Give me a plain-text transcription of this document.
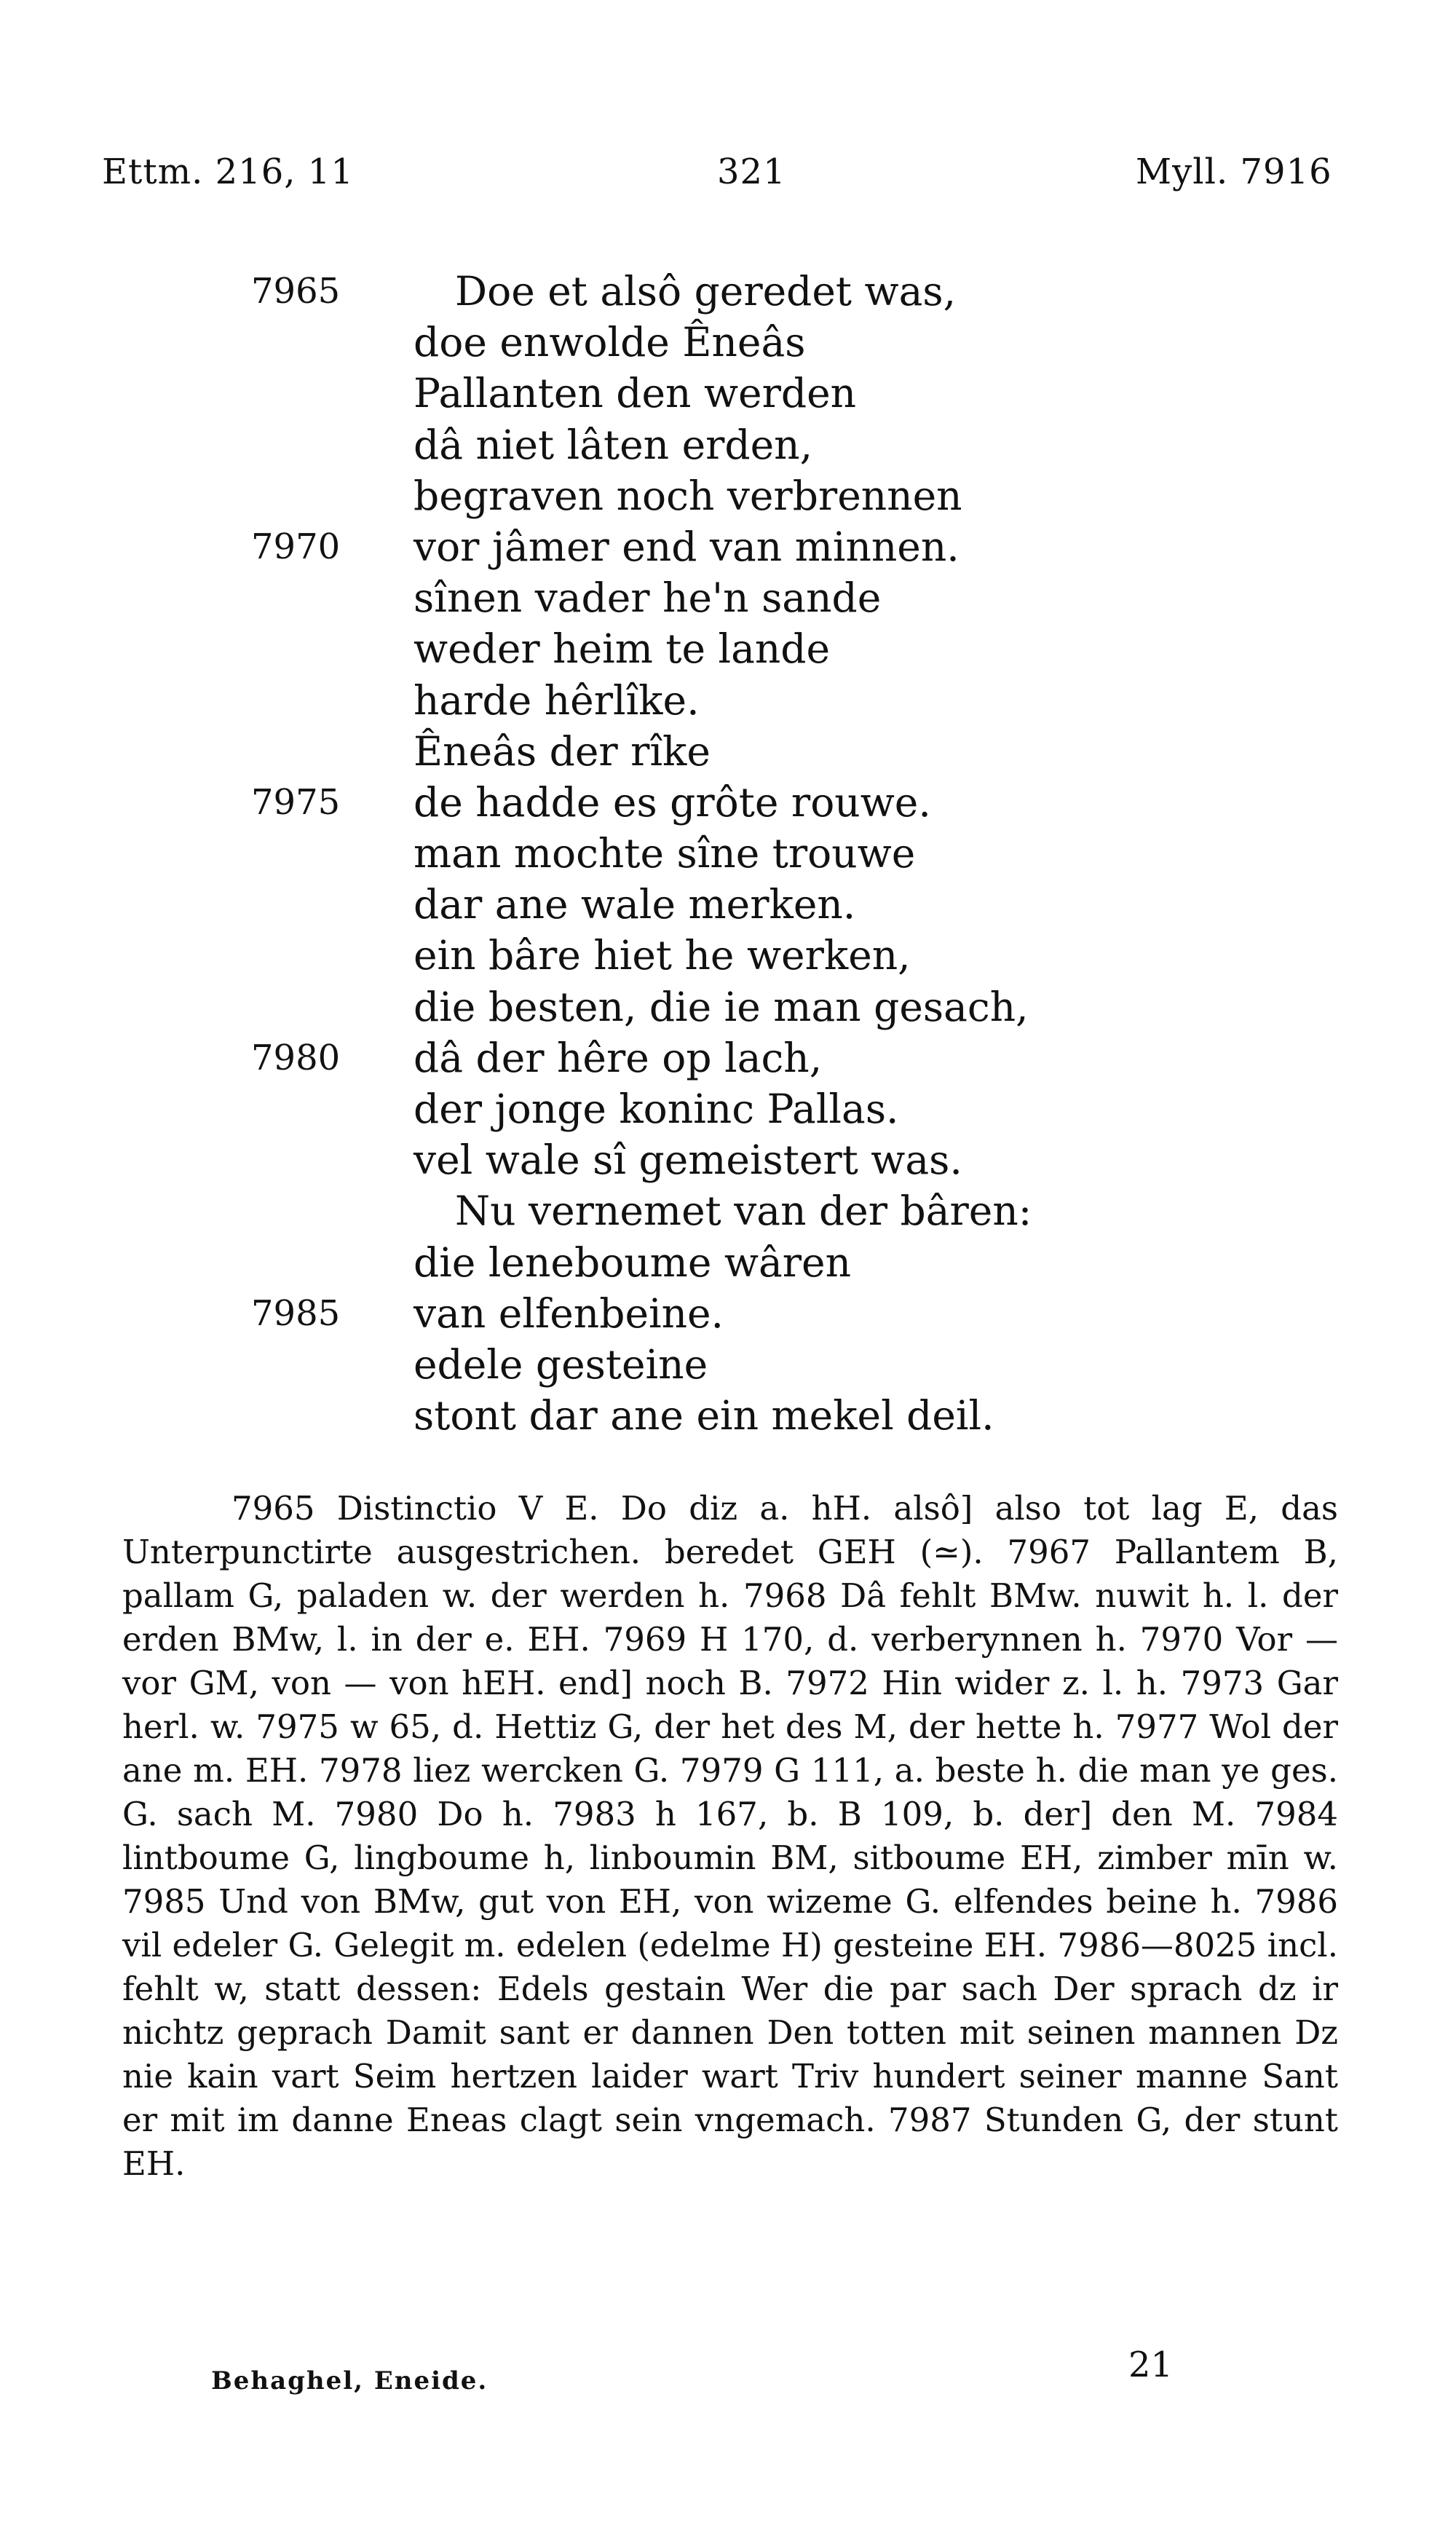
Ettm. 216, 11	321	Myll. 7916
7965	Doe et alsô geredet was,
doe enwolde Êneâs
Pallanten den werden
dâ niet lâten erden,
begraven noch verbrennen
7970	vor jâmer end van minnen.
sînen vader he'n sande
weder heim te lande
harde hêrlîke.
Êneâs der rîke
7975	de hadde es grôte rouwe.
man mochte sîne trouwe
dar ane wale merken.
ein bâre hiet he werken,
die besten, die ie man gesach,
7980	dâ der hêre op lach,
der jonge koninc Pallas.
vel wale sî gemeistert was.
Nu vernemet van der bâren:
die leneboume wâren
7985	van elfenbeine.
edele gesteine
stont dar ane ein mekel deil.

7965 Distinctio V E. Do diz a. hH. alsô] also tot lag E, das Unterpunctirte ausgestrichen. beredet GEH (≃). 7967 Pallantem B, pallam G, paladen w. der werden h. 7968 Dâ fehlt BMw. nuwit h. l. der erden BMw, l. in der e. EH. 7969 H 170, d. verberynnen h. 7970 Vor — vor GM, von — von hEH. end] noch B. 7972 Hin wider z. l. h. 7973 Gar herl. w. 7975 w 65, d. Hettiz G, der het des M, der hette h. 7977 Wol der ane m. EH. 7978 liez wercken G. 7979 G 111, a. beste h. die man ye ges. G. sach M. 7980 Do h. 7983 h 167, b. B 109, b. der] den M. 7984 lintboume G, lingboume h, linboumin BM, sitboume EH, zimber mīn w. 7985 Und von BMw, gut von EH, von wizeme G. elfendes beine h. 7986 vil edeler G. Gelegit m. edelen (edelme H) gesteine EH. 7986—8025 incl. fehlt w, statt dessen: Edels gestain Wer die par sach Der sprach dz ir nichtz geprach Damit sant er dannen Den totten mit seinen mannen Dz nie kain vart Seim hertzen laider wart Triv hundert seiner manne Sant er mit im danne Eneas clagt sein vngemach. 7987 Stunden G, der stunt EH.

Behaghel, Eneide.	21
